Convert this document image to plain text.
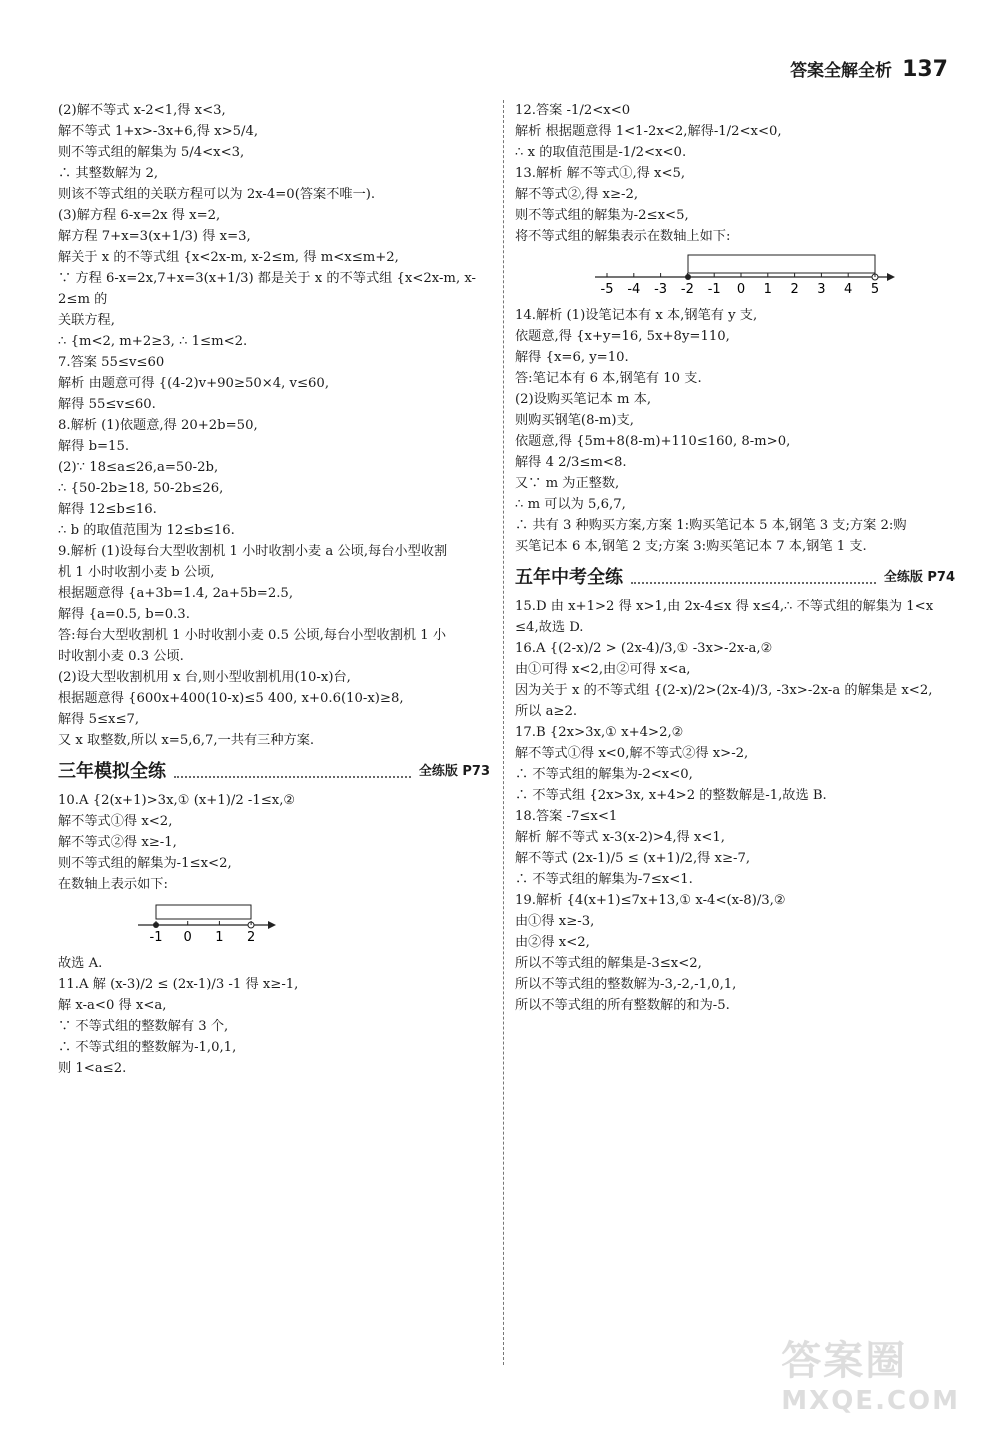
答案全解全析 137
(2)解不等式 x-2<1,得 x<3,
解不等式 1+x>-3x+6,得 x>5/4,
则不等式组的解集为 5/4<x<3,
∴ 其整数解为 2,
则该不等式组的关联方程可以为 2x-4=0(答案不唯一).
(3)解方程 6-x=2x 得 x=2,
解方程 7+x=3(x+1/3) 得 x=3,
解关于 x 的不等式组 {x<2x-m, x-2≤m, 得 m<x≤m+2,
∵ 方程 6-x=2x,7+x=3(x+1/3) 都是关于 x 的不等式组 {x<2x-m, x-2≤m 的
关联方程,
∴ {m<2, m+2≥3, ∴ 1≤m<2.
7.答案 55≤v≤60
解析 由题意可得 {(4-2)v+90≥50×4, v≤60,
解得 55≤v≤60.
8.解析 (1)依题意,得 20+2b=50,
解得 b=15.
(2)∵ 18≤a≤26,a=50-2b,
∴ {50-2b≥18, 50-2b≤26,
解得 12≤b≤16.
∴ b 的取值范围为 12≤b≤16.
9.解析 (1)设每台大型收割机 1 小时收割小麦 a 公顷,每台小型收割
机 1 小时收割小麦 b 公顷,
根据题意得 {a+3b=1.4, 2a+5b=2.5,
解得 {a=0.5, b=0.3.
答:每台大型收割机 1 小时收割小麦 0.5 公顷,每台小型收割机 1 小
时收割小麦 0.3 公顷.
(2)设大型收割机用 x 台,则小型收割机用(10-x)台,
根据题意得 {600x+400(10-x)≤5 400, x+0.6(10-x)≥8,
解得 5≤x≤7,
又 x 取整数,所以 x=5,6,7,一共有三种方案.
三年模拟全练	全练版 P73
10.A {2(x+1)>3x,① (x+1)/2 -1≤x,②
解不等式①得 x<2,
解不等式②得 x≥-1,
则不等式组的解集为-1≤x<2,
在数轴上表示如下:
-1 0 1 2
故选 A.
11.A 解 (x-3)/2 ≤ (2x-1)/3 -1 得 x≥-1,
解 x-a<0 得 x<a,
∵ 不等式组的整数解有 3 个,
∴ 不等式组的整数解为-1,0,1,
则 1<a≤2.
12.答案 -1/2<x<0
解析 根据题意得 1<1-2x<2,解得-1/2<x<0,
∴ x 的取值范围是-1/2<x<0.
13.解析 解不等式①,得 x<5,
解不等式②,得 x≥-2,
则不等式组的解集为-2≤x<5,
将不等式组的解集表示在数轴上如下:
-5 -4 -3 -2 -1 0 1 2 3 4 5
14.解析 (1)设笔记本有 x 本,钢笔有 y 支,
依题意,得 {x+y=16, 5x+8y=110,
解得 {x=6, y=10.
答:笔记本有 6 本,钢笔有 10 支.
(2)设购买笔记本 m 本,
则购买钢笔(8-m)支,
依题意,得 {5m+8(8-m)+110≤160, 8-m>0,
解得 4 2/3≤m<8.
又∵ m 为正整数,
∴ m 可以为 5,6,7,
∴ 共有 3 种购买方案,方案 1:购买笔记本 5 本,钢笔 3 支;方案 2:购
买笔记本 6 本,钢笔 2 支;方案 3:购买笔记本 7 本,钢笔 1 支.
五年中考全练	全练版 P74
15.D 由 x+1>2 得 x>1,由 2x-4≤x 得 x≤4,∴ 不等式组的解集为 1<x
≤4,故选 D.
16.A {(2-x)/2 > (2x-4)/3,① -3x>-2x-a,②
由①可得 x<2,由②可得 x<a,
因为关于 x 的不等式组 {(2-x)/2>(2x-4)/3, -3x>-2x-a 的解集是 x<2,
所以 a≥2.
17.B {2x>3x,① x+4>2,②
解不等式①得 x<0,解不等式②得 x>-2,
∴ 不等式组的解集为-2<x<0,
∴ 不等式组 {2x>3x, x+4>2 的整数解是-1,故选 B.
18.答案 -7≤x<1
解析 解不等式 x-3(x-2)>4,得 x<1,
解不等式 (2x-1)/5 ≤ (x+1)/2,得 x≥-7,
∴ 不等式组的解集为-7≤x<1.
19.解析 {4(x+1)≤7x+13,① x-4<(x-8)/3,②
由①得 x≥-3,
由②得 x<2,
所以不等式组的解集是-3≤x<2,
所以不等式组的整数解为-3,-2,-1,0,1,
所以不等式组的所有整数解的和为-5.
答案圈
MXQE.COM
